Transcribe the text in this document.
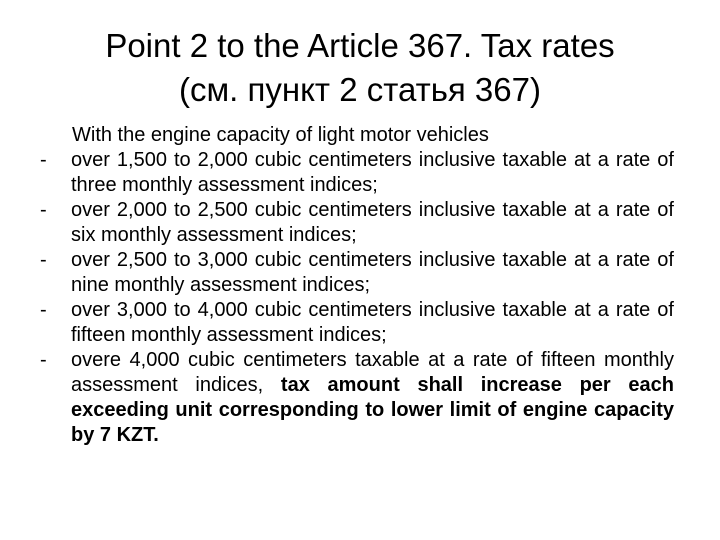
Point 2 to the Article 367. Tax rates
(см. пункт 2 статья 367)
With the engine capacity of light motor vehicles
- over 1,500 to 2,000 cubic centimeters inclusive taxable at a rate of three monthly assessment indices;
- over 2,000 to 2,500 cubic centimeters inclusive taxable at a rate of six monthly assessment indices;
- over 2,500 to 3,000 cubic centimeters inclusive taxable at a rate of nine monthly assessment indices;
- over 3,000 to 4,000 cubic centimeters inclusive taxable at a rate of fifteen monthly assessment indices;
- overe 4,000 cubic centimeters taxable at a rate of fifteen monthly assessment indices, tax amount shall increase per each exceeding unit corresponding to lower limit of engine capacity by 7 KZT.
